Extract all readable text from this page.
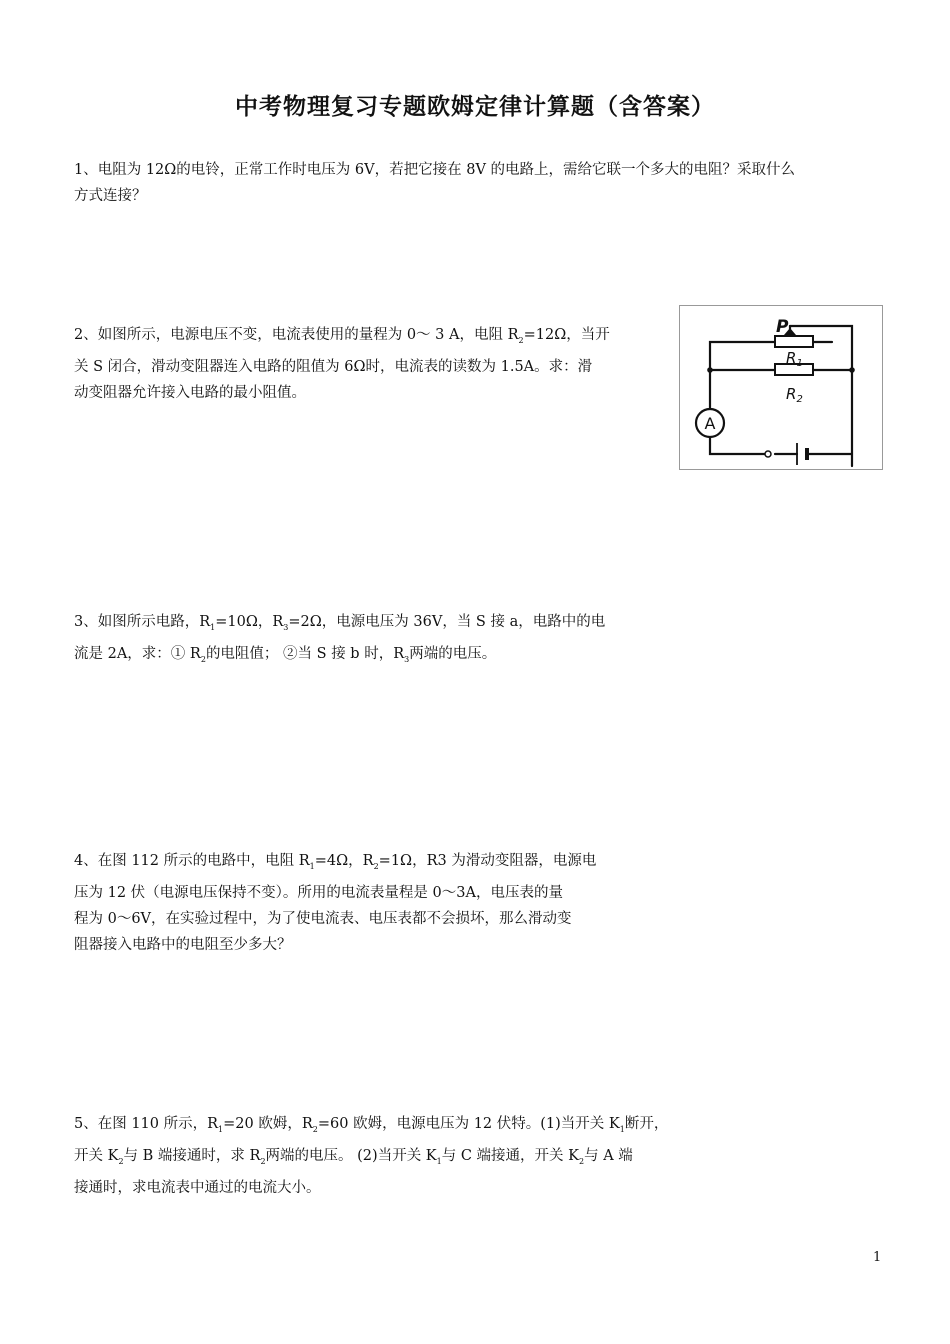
中考物理复习专题欧姆定律计算题（含答案）

1、电阻为 12Ω的电铃，正常工作时电压为 6V，若把它接在 8V 的电路上，需给它联一个多大的电阻？采取什么

方式连接？

2、如图所示，电源电压不变，电流表使用的量程为 0～ 3 A，电阻 $R_2=12\Omega$，当开

关 S 闭合，滑动变阻器连入电路的阻值为 6Ω时，电流表的读数为 1.5A。求：滑

动变阻器允许接入电路的最小阻值。

P
$R_1$
$R_2$
A

3、如图所示电路，$R_1=10\Omega$，$R_3=2\Omega$，电源电压为 36V，当 S 接 a，电路中的电

流是 2A，求：① $R_2$的电阻值； ②当 S 接 b 时，$R_3$两端的电压。

4、在图 112 所示的电路中，电阻 $R_1=4\Omega$，$R_2=1\Omega$，R3 为滑动变阻器，电源电

压为 12 伏（电源电压保持不变）。所用的电流表量程是 0～3A，电压表的量

程为 0～6V，在实验过程中，为了使电流表、电压表都不会损坏，那么滑动变

阻器接入电路中的电阻至少多大？

5、在图 110 所示，$R_1=20$ 欧姆，$R_2=60$ 欧姆，电源电压为 12 伏特。(1)当开关 $K_1$断开，

开关 $K_2$与 B 端接通时，求 $R_2$两端的电压。 (2)当开关 $K_1$与 C 端接通，开关 $K_2$与 A 端

接通时，求电流表中通过的电流大小。

1
